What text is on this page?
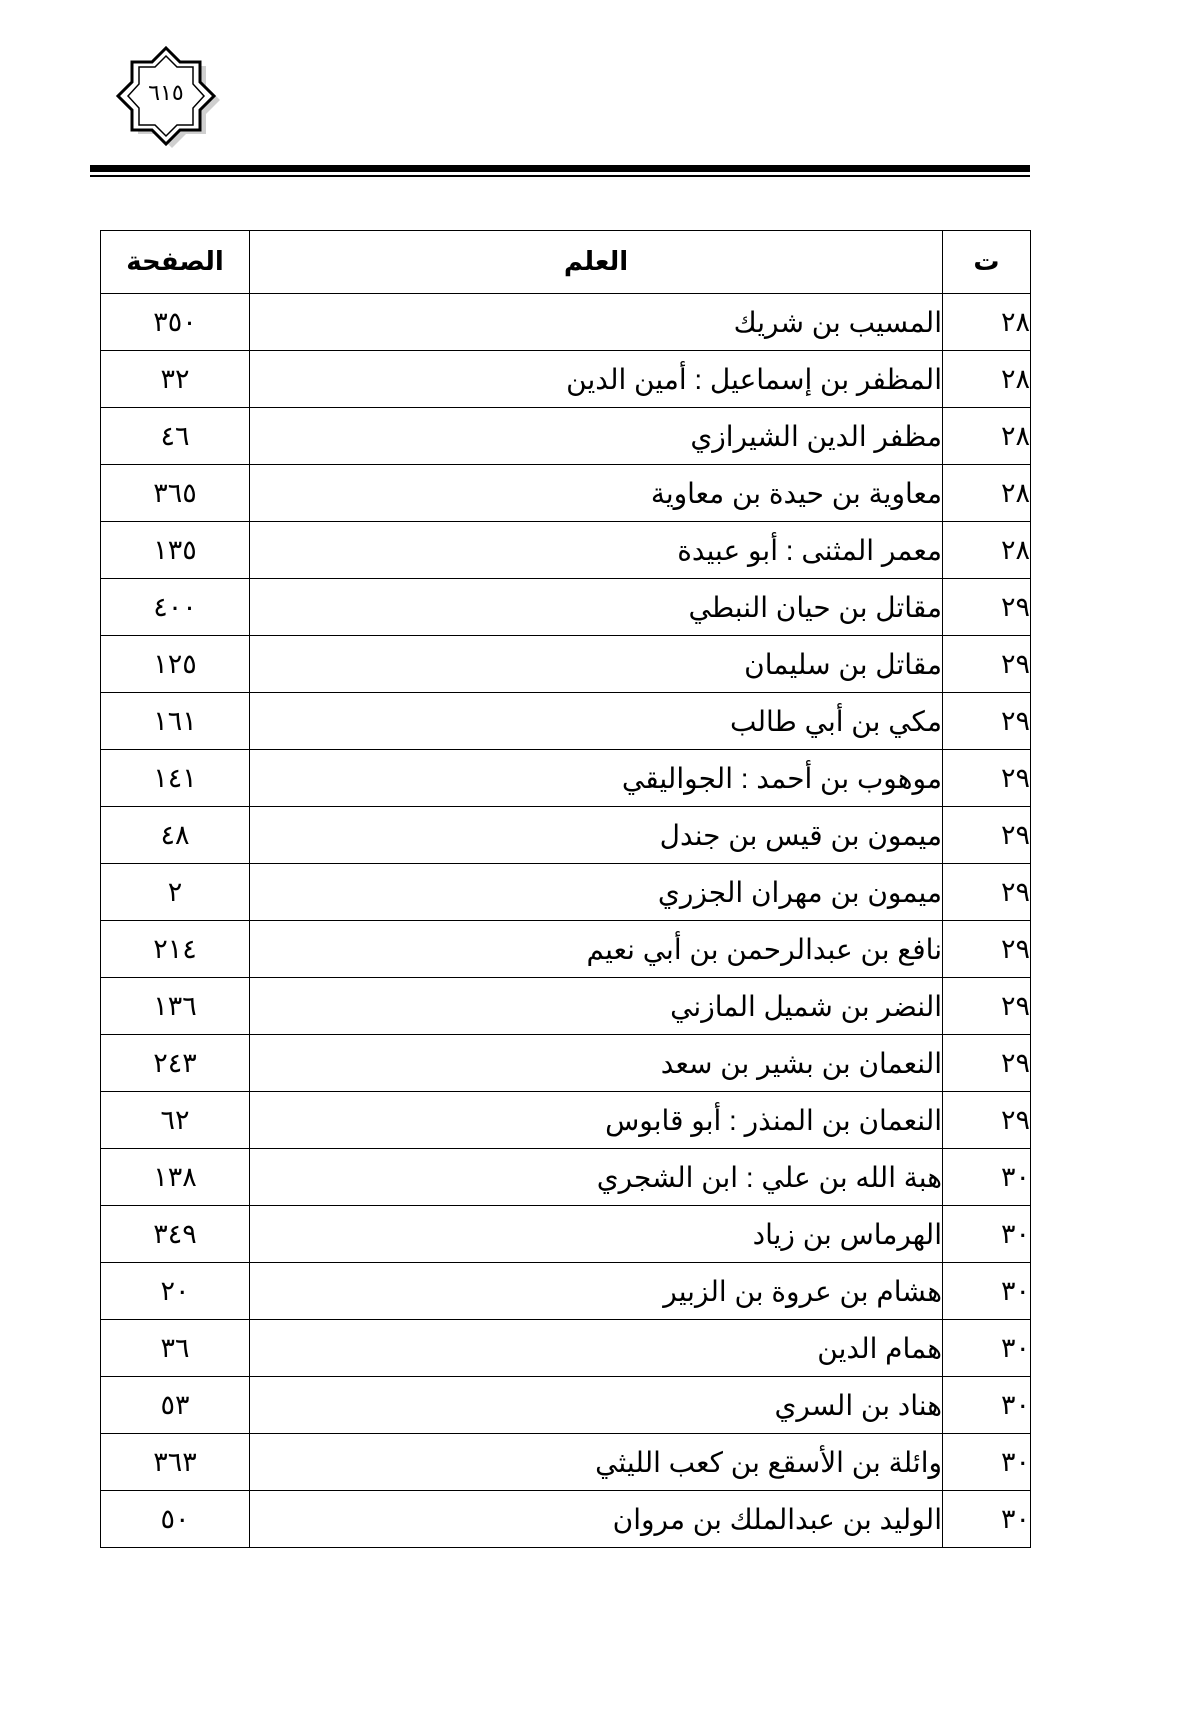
٦١٥
ت	العلم	الصفحة
٢٨	المسيب بن شريك	٣٥٠
٢٨	المظفر بن إسماعيل : أمين الدين	٣٢
٢٨	مظفر الدين الشيرازي	٤٦
٢٨	معاوية بن حيدة بن معاوية	٣٦٥
٢٨	معمر المثنى : أبو عبيدة	١٣٥
٢٩	مقاتل بن حيان النبطي	٤٠٠
٢٩	مقاتل بن سليمان	١٢٥
٢٩	مكي بن أبي طالب	١٦١
٢٩	موهوب بن أحمد : الجواليقي	١٤١
٢٩	ميمون بن قيس بن جندل	٤٨
٢٩	ميمون بن مهران الجزري	٢
٢٩	نافع بن عبدالرحمن بن أبي نعيم	٢١٤
٢٩	النضر بن شميل المازني	١٣٦
٢٩	النعمان بن بشير بن سعد	٢٤٣
٢٩	النعمان بن المنذر : أبو قابوس	٦٢
٣٠	هبة الله بن علي : ابن الشجري	١٣٨
٣٠	الهرماس بن زياد	٣٤٩
٣٠	هشام بن عروة بن الزبير	٢٠
٣٠	همام الدين	٣٦
٣٠	هناد بن السري	٥٣
٣٠	وائلة بن الأسقع بن كعب الليثي	٣٦٣
٣٠	الوليد بن عبدالملك بن مروان	٥٠
